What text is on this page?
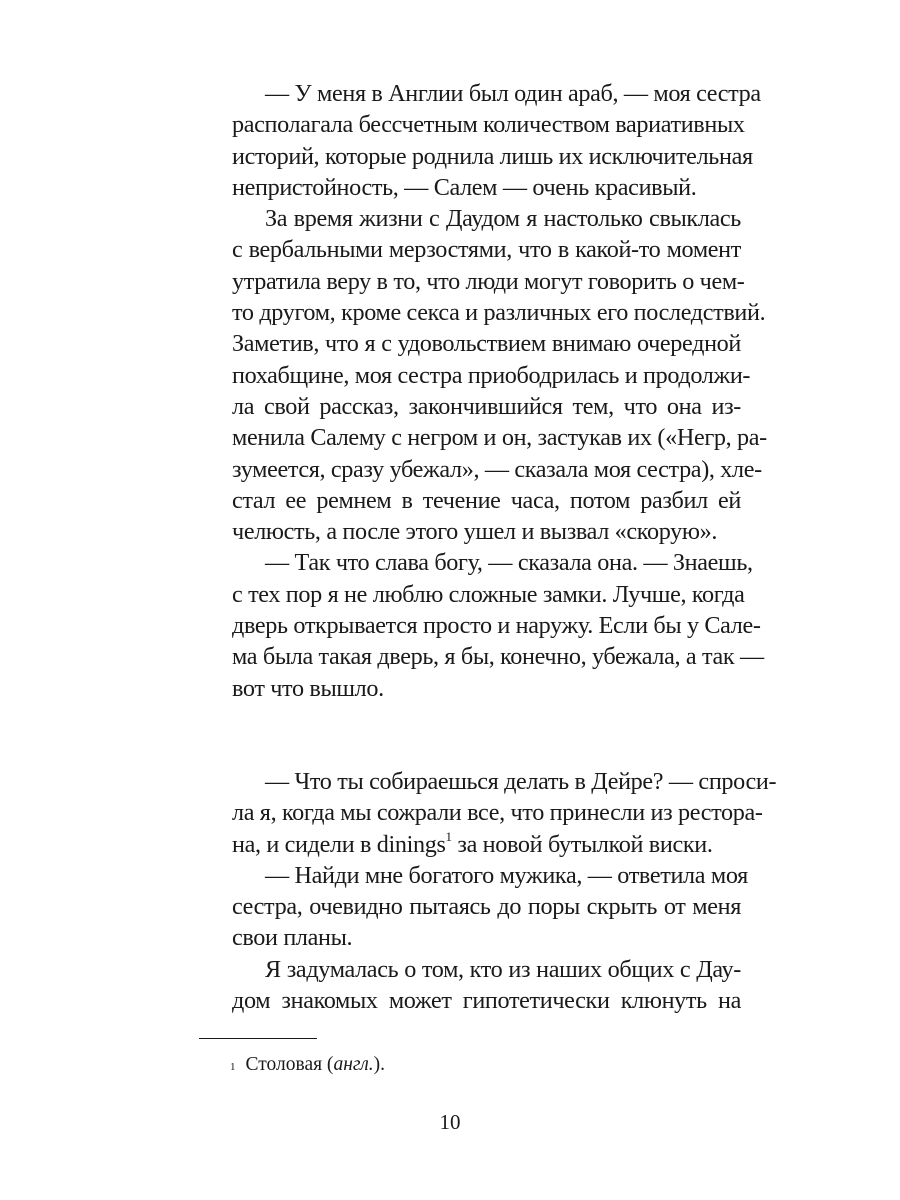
— У меня в Англии был один араб, — моя сестра
располагала бессчетным количеством вариативных
историй, которые роднила лишь их исключительная
непристойность, — Салем — очень красивый.
За время жизни с Даудом я настолько свыклась
с вербальными мерзостями, что в какой-то момент
утратила веру в то, что люди могут говорить о чем-
то другом, кроме секса и различных его последствий.
Заметив, что я с удовольствием внимаю очередной
похабщине, моя сестра приободрилась и продолжи-
ла свой рассказ, закончившийся тем, что она из-
менила Салему с негром и он, застукав их («Негр, ра-
зумеется, сразу убежал», — сказала моя сестра), хле-
стал ее ремнем в течение часа, потом разбил ей
челюсть, а после этого ушел и вызвал «скорую».
— Так что слава богу, — сказала она. — Знаешь,
с тех пор я не люблю сложные замки. Лучше, когда
дверь открывается просто и наружу. Если бы у Сале-
ма была такая дверь, я бы, конечно, убежала, а так —
вот что вышло.
— Что ты собираешься делать в Дейре? — спроси-
ла я, когда мы сожрали все, что принесли из рестора-
на, и сидели в dinings$^1$ за новой бутылкой виски.
— Найди мне богатого мужика, — ответила моя
сестра, очевидно пытаясь до поры скрыть от меня
свои планы.
Я задумалась о том, кто из наших общих с Дау-
дом знакомых может гипотетически клюнуть на
$^1$ Столовая (англ.).
10
